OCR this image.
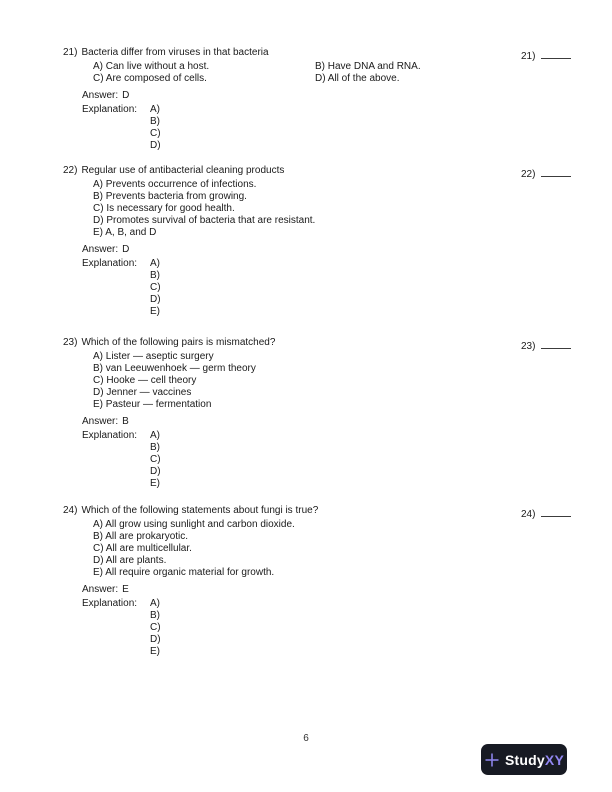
21) Bacteria differ from viruses in that bacteria
A) Can live without a host.	B) Have DNA and RNA.
C) Are composed of cells.	D) All of the above.
Answer: D
Explanation:	A)
B)
C)
D)
21)
22) Regular use of antibacterial cleaning products
A) Prevents occurrence of infections.
B) Prevents bacteria from growing.
C) Is necessary for good health.
D) Promotes survival of bacteria that are resistant.
E) A, B, and D
Answer: D
Explanation:	A)
B)
C)
D)
E)
22)
23) Which of the following pairs is mismatched?
A) Lister — aseptic surgery
B) van Leeuwenhoek — germ theory
C) Hooke — cell theory
D) Jenner — vaccines
E) Pasteur — fermentation
Answer: B
Explanation:	A)
B)
C)
D)
E)
23)
24) Which of the following statements about fungi is true?
A) All grow using sunlight and carbon dioxide.
B) All are prokaryotic.
C) All are multicellular.
D) All are plants.
E) All require organic material for growth.
Answer: E
Explanation:	A)
B)
C)
D)
E)
24)
6
StudyXY
